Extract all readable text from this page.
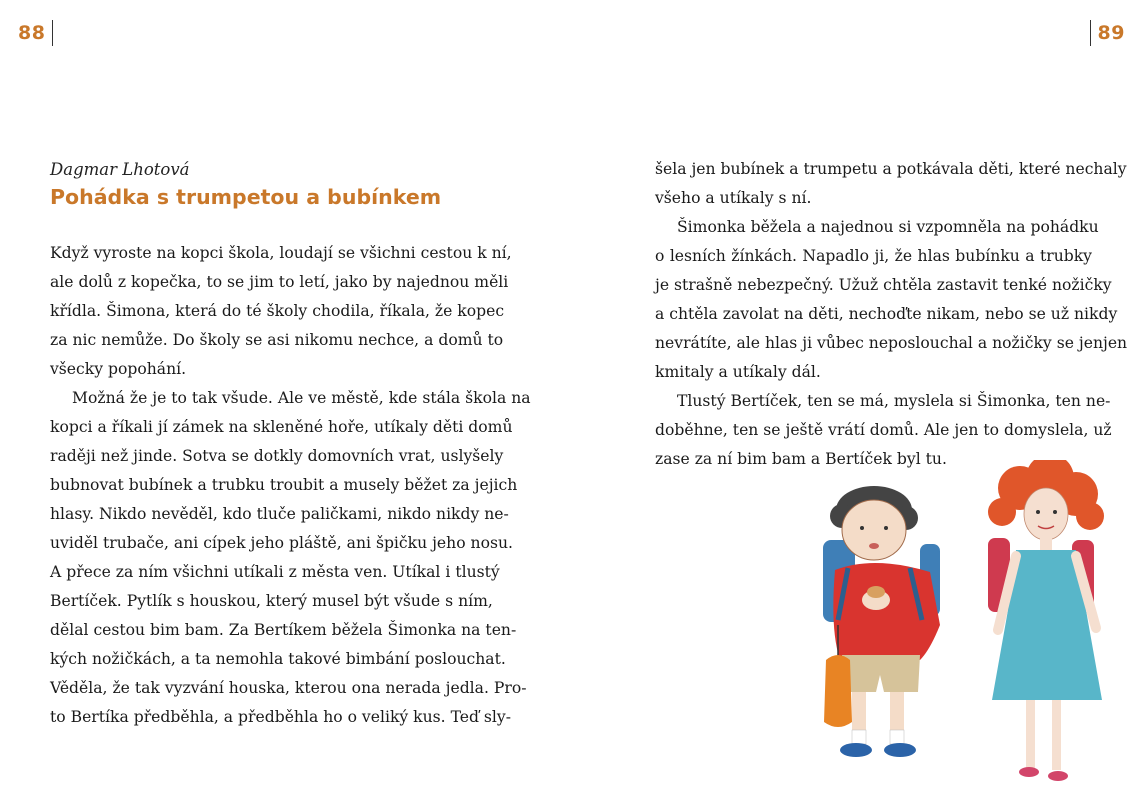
88	89
Dagmar Lhotová
Pohádka s trumpetou a bubínkem
Když vyroste na kopci škola, loudají se všichni cestou k ní,
ale dolů z kopečka, to se jim to letí, jako by najednou měli
křídla. Šimona, která do té školy chodila, říkala, že kopec
za nic nemůže. Do školy se asi nikomu nechce, a domů to
všecky popohání.
Možná že je to tak všude. Ale ve městě, kde stála škola na
kopci a říkali jí zámek na skleněné hoře, utíkaly děti domů
raději než jinde. Sotva se dotkly domovních vrat, uslyšely
bubnovat bubínek a trubku troubit a musely běžet za jejich
hlasy. Nikdo nevěděl, kdo tluče paličkami, nikdo nikdy ne-
uviděl trubače, ani cípek jeho pláště, ani špičku jeho nosu.
A přece za ním všichni utíkali z města ven. Utíkal i tlustý
Bertíček. Pytlík s houskou, který musel být všude s ním,
dělal cestou bim bam. Za Bertíkem běžela Šimonka na ten-
kých nožičkách, a ta nemohla takové bimbání poslouchat.
Věděla, že tak vyzvání houska, kterou ona nerada jedla. Pro-
to Bertíka předběhla, a předběhla ho o veliký kus. Teď sly-
šela jen bubínek a trumpetu a potkávala děti, které nechaly
všeho a utíkaly s ní.
Šimonka běžela a najednou si vzpomněla na pohádku
o lesních žínkách. Napadlo ji, že hlas bubínku a trubky
je strašně nebezpečný. Užuž chtěla zastavit tenké nožičky
a chtěla zavolat na děti, nechoďte nikam, nebo se už nikdy
nevrátíte, ale hlas ji vůbec neposlouchal a nožičky se jenjen
kmitaly a utíkaly dál.
Tlustý Bertíček, ten se má, myslela si Šimonka, ten ne-
doběhne, ten se ještě vrátí domů. Ale jen to domyslela, už
zase za ní bim bam a Bertíček byl tu.
